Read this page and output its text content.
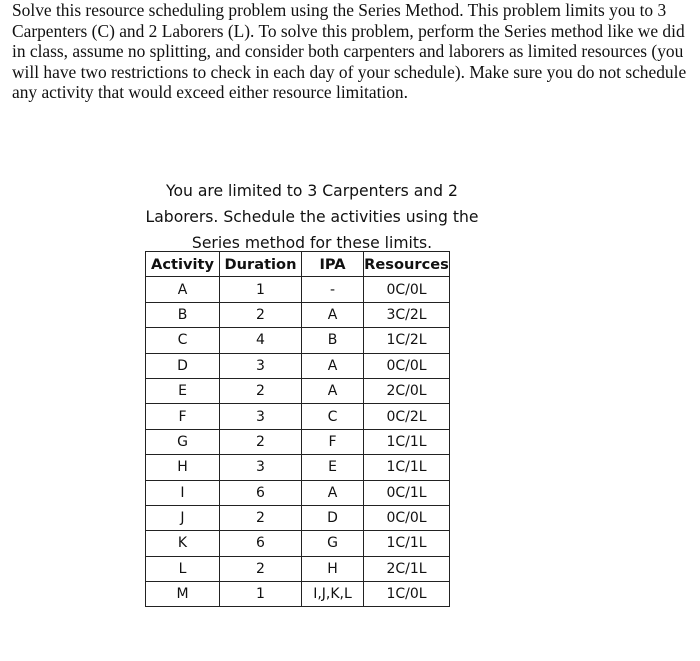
Solve this resource scheduling problem using the Series Method. This problem limits you to 3 Carpenters (C) and 2 Laborers (L). To solve this problem, perform the Series method like we did in class, assume no splitting, and consider both carpenters and laborers as limited resources (you will have two restrictions to check in each day of your schedule). Make sure you do not schedule any activity that would exceed either resource limitation.
You are limited to 3 Carpenters and 2 Laborers. Schedule the activities using the Series method for these limits.
Activity	Duration	IPA	Resources
A	1	-	0C/0L
B	2	A	3C/2L
C	4	B	1C/2L
D	3	A	0C/0L
E	2	A	2C/0L
F	3	C	0C/2L
G	2	F	1C/1L
H	3	E	1C/1L
I	6	A	0C/1L
J	2	D	0C/0L
K	6	G	1C/1L
L	2	H	2C/1L
M	1	I,J,K,L	1C/0L
